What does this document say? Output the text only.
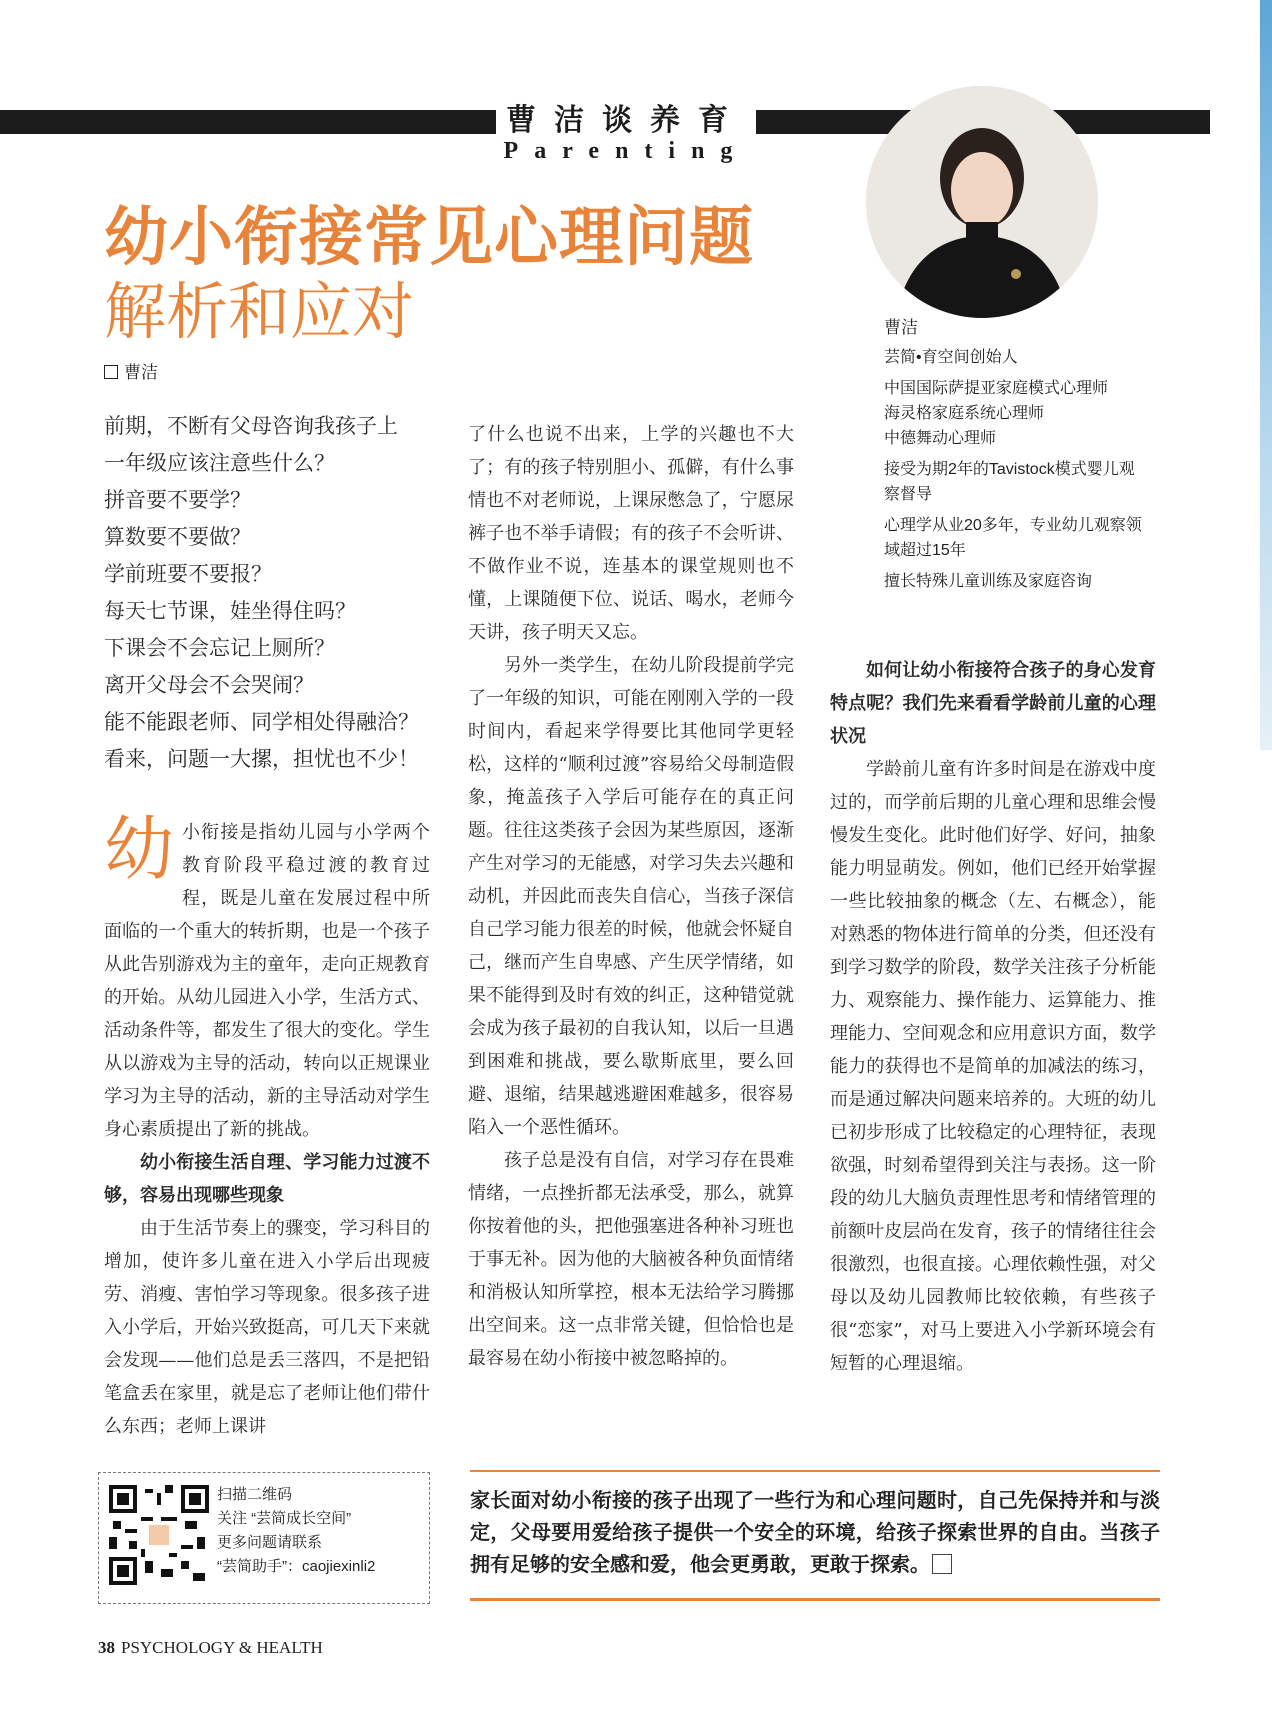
曹洁谈养育
Parenting
幼小衔接常见心理问题
解析和应对
曹洁
曹洁

芸简•育空间创始人

中国国际萨提亚家庭模式心理师

海灵格家庭系统心理师

中德舞动心理师

接受为期2年的Tavistock模式婴儿观察督导

心理学从业20多年，专业幼儿观察领域超过15年

擅长特殊儿童训练及家庭咨询

前期，不断有父母咨询我孩子上
一年级应该注意些什么？
拼音要不要学？
算数要不要做？
学前班要不要报？
每天七节课，娃坐得住吗？
下课会不会忘记上厕所？
离开父母会不会哭闹？
能不能跟老师、同学相处得融洽？
看来，问题一大摞，担忧也不少！

幼小衔接是指幼儿园与小学两个教育阶段平稳过渡的教育过程，既是儿童在发展过程中所面临的一个重大的转折期，也是一个孩子从此告别游戏为主的童年，走向正规教育的开始。从幼儿园进入小学，生活方式、活动条件等，都发生了很大的变化。学生从以游戏为主导的活动，转向以正规课业学习为主导的活动，新的主导活动对学生身心素质提出了新的挑战。

幼小衔接生活自理、学习能力过渡不够，容易出现哪些现象

由于生活节奏上的骤变，学习科目的增加，使许多儿童在进入小学后出现疲劳、消瘦、害怕学习等现象。很多孩子进入小学后，开始兴致挺高，可几天下来就会发现——他们总是丢三落四，不是把铅笔盒丢在家里，就是忘了老师让他们带什么东西；老师上课讲

了什么也说不出来，上学的兴趣也不大了；有的孩子特别胆小、孤僻，有什么事情也不对老师说，上课尿憋急了，宁愿尿裤子也不举手请假；有的孩子不会听讲、不做作业不说，连基本的课堂规则也不懂，上课随便下位、说话、喝水，老师今天讲，孩子明天又忘。

另外一类学生，在幼儿阶段提前学完了一年级的知识，可能在刚刚入学的一段时间内，看起来学得要比其他同学更轻松，这样的“顺利过渡”容易给父母制造假象，掩盖孩子入学后可能存在的真正问题。往往这类孩子会因为某些原因，逐渐产生对学习的无能感，对学习失去兴趣和动机，并因此而丧失自信心，当孩子深信自己学习能力很差的时候，他就会怀疑自己，继而产生自卑感、产生厌学情绪，如果不能得到及时有效的纠正，这种错觉就会成为孩子最初的自我认知，以后一旦遇到困难和挑战，要么歇斯底里，要么回避、退缩，结果越逃避困难越多，很容易陷入一个恶性循环。

孩子总是没有自信，对学习存在畏难情绪，一点挫折都无法承受，那么，就算你按着他的头，把他强塞进各种补习班也于事无补。因为他的大脑被各种负面情绪和消极认知所掌控，根本无法给学习腾挪出空间来。这一点非常关键，但恰恰也是最容易在幼小衔接中被忽略掉的。

如何让幼小衔接符合孩子的身心发育特点呢？我们先来看看学龄前儿童的心理状况

学龄前儿童有许多时间是在游戏中度过的，而学前后期的儿童心理和思维会慢慢发生变化。此时他们好学、好问，抽象能力明显萌发。例如，他们已经开始掌握一些比较抽象的概念（左、右概念），能对熟悉的物体进行简单的分类，但还没有到学习数学的阶段，数学关注孩子分析能力、观察能力、操作能力、运算能力、推理能力、空间观念和应用意识方面，数学能力的获得也不是简单的加减法的练习，而是通过解决问题来培养的。大班的幼儿已初步形成了比较稳定的心理特征，表现欲强，时刻希望得到关注与表扬。这一阶段的幼儿大脑负责理性思考和情绪管理的前额叶皮层尚在发育，孩子的情绪往往会很激烈，也很直接。心理依赖性强，对父母以及幼儿园教师比较依赖，有些孩子很“恋家”，对马上要进入小学新环境会有短暂的心理退缩。

扫描二维码
关注 “芸简成长空间”
更多问题请联系
“芸简助手”：caojiexinli2
家长面对幼小衔接的孩子出现了一些行为和心理问题时，自己先保持并和与淡定，父母要用爱给孩子提供一个安全的环境，给孩子探索世界的自由。当孩子拥有足够的安全感和爱，他会更勇敢，更敢于探索。
38 PSYCHOLOGY & HEALTH
